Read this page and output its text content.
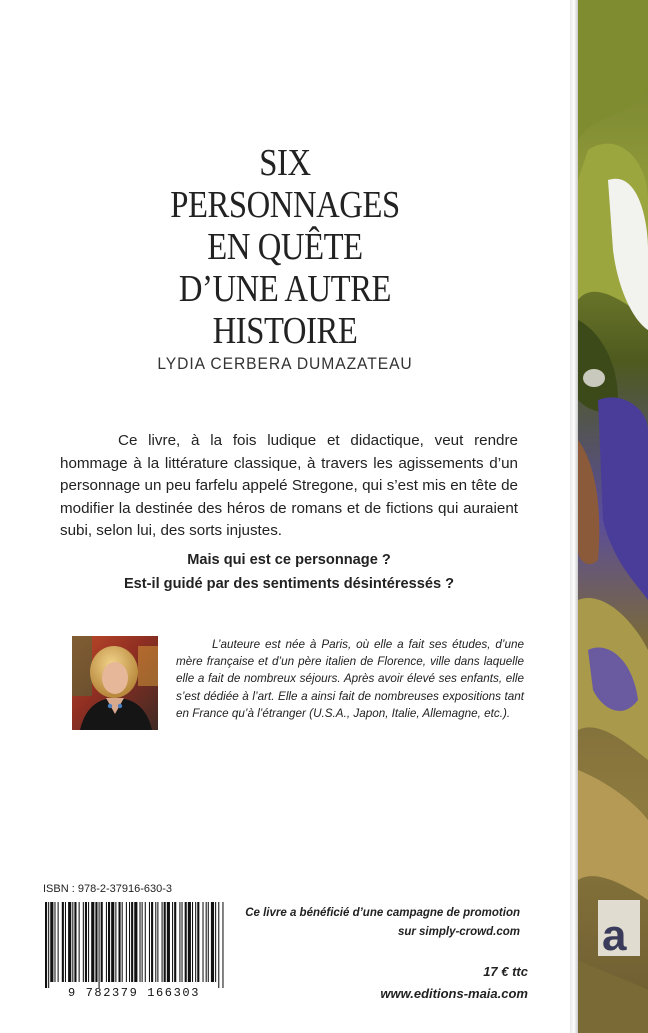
SIX
PERSONNAGES
EN QUÊTE
D’UNE AUTRE
HISTOIRE
LYDIA CERBERA DUMAZATEAU

Ce livre, à la fois ludique et didactique, veut rendre hommage à la littérature classique, à travers les agissements d’un personnage un peu farfelu appelé Stregone, qui s’est mis en tête de modifier la destinée des héros de romans et de fictions qui auraient subi, selon lui, des sorts injustes.

Mais qui est ce personnage ?
Est-il guidé par des sentiments désintéressés ?

L’auteure est née à Paris, où elle a fait ses études, d’une mère française et d’un père italien de Florence, ville dans laquelle elle a fait de nombreux séjours. Après avoir élevé ses enfants, elle s’est dédiée à l’art. Elle a ainsi fait de nombreuses expositions tant en France qu’à l’étranger (U.S.A., Japon, Italie, Allemagne, etc.).

ISBN : 978-2-37916-630-3
9 782379 166303
Ce livre a bénéficié d’une campagne de promotion
sur simply-crowd.com
17 € ttc
www.editions-maia.com
a
